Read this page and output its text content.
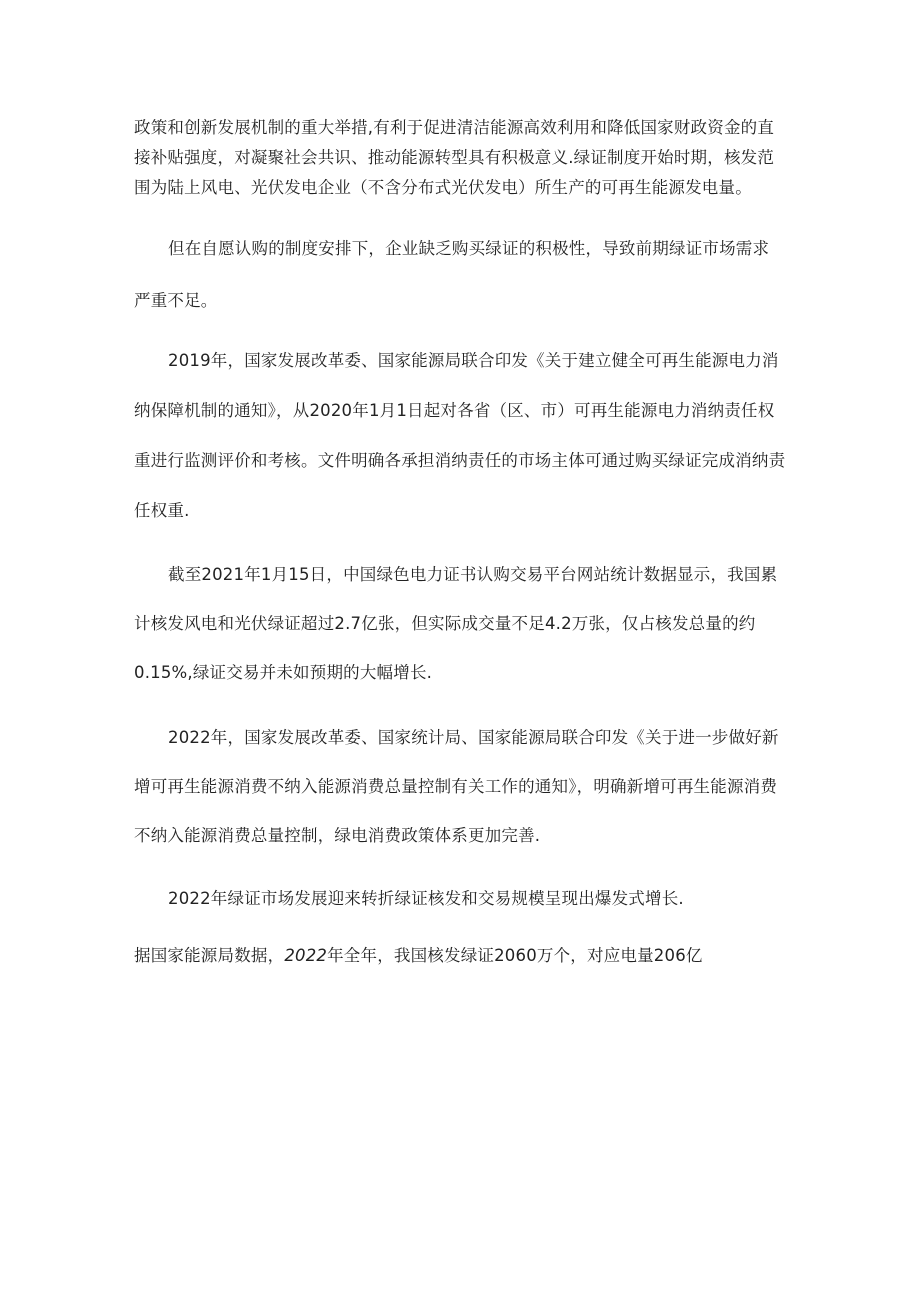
政策和创新发展机制的重大举措,有利于促进清洁能源高效利用和降低国家财政资金的直
接补贴强度，对凝聚社会共识、推动能源转型具有积极意义.绿证制度开始时期，核发范
围为陆上风电、光伏发电企业（不含分布式光伏发电）所生产的可再生能源发电量。
但在自愿认购的制度安排下，企业缺乏购买绿证的积极性，导致前期绿证市场需求
严重不足。
2019年，国家发展改革委、国家能源局联合印发《关于建立健全可再生能源电力消
纳保障机制的通知》，从2020年1月1日起对各省（区、市）可再生能源电力消纳责任权
重进行监测评价和考核。文件明确各承担消纳责任的市场主体可通过购买绿证完成消纳责
任权重.
截至2021年1月15日，中国绿色电力证书认购交易平台网站统计数据显示，我国累
计核发风电和光伏绿证超过2.7亿张，但实际成交量不足4.2万张，仅占核发总量的约
0.15%,绿证交易并未如预期的大幅增长.
2022年，国家发展改革委、国家统计局、国家能源局联合印发《关于进一步做好新
增可再生能源消费不纳入能源消费总量控制有关工作的通知》，明确新增可再生能源消费
不纳入能源消费总量控制，绿电消费政策体系更加完善.
2022年绿证市场发展迎来转折绿证核发和交易规模呈现出爆发式增长.
据国家能源局数据，2022年全年，我国核发绿证2060万个，对应电量206亿
